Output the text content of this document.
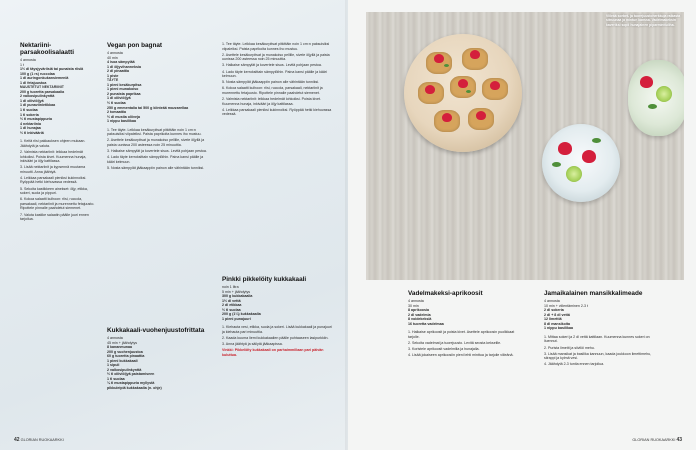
Nektariini-parsakoolisalaatti

4 annosta

1 t

1½ dl täysjyväriisiä tai punaista riisiä

100 g (1 rs) ruccolaa

1 dl auringonkukansiemeniä

1 dl fetajuustoa

MAUSTETUT NEKTARIINIT

200 g tuoretta parsakaalia

2 valkosipulinkynttä

1 dl oliiviöljyä

1 dl punaviinietikkaa

1 tl suolaa

1 tl sokeria

½ tl mustapippuria

4 nektariinia

1 dl hunajaa

½ tl inkivääriä

1. Keitä riisi pakkauksen ohjeen mukaan. Jäähdytä ja valuta.

2. Valmista nektariinit: leikkaa hedelmät lohkoiksi. Poista kivet. Kuumenna hunaja, inkivääri ja öljy kattilassa.

3. Lisää nektariinit ja kypsennä muutama minuutti. Anna jäähtyä.

4. Leikkaa parsakaali pieniksi kukinnoiksi. Ryöppää hetki kiehuvassa vedessä.

5. Sekoita kastikkeen ainekset: öljy, etikka, sokeri, suola ja pippuri.

6. Kokoa salaatti kulhoon: riisi, ruccola, parsakaali, nektariinit ja murennettu fetajuusto. Ripottele pinnalle paahdetut siemenet.

7. Valuta kastike salaatin päälle juuri ennen tarjoilua.

Vegan pon bagnat

4 annosta

40 min

4 isoa sämpylää

1 dl öljyvihanneksia

2 dl pinaattia

1 piste

TÄYTE

1 pieni kesäkurpitsa

1 pieni munakoiso

2 punaista paprikaa

1 dl oliiviöljyä

½ tl suolaa

250 g emmentalia tai 500 g kiinteää mozzarellaa

2 tomaattia

½ dl mustia oliiveja

1 nippu basilikaa

1. Tee täyte. Leikkaa kesäkurpitsat pitkittäin noin 1 cm:n paksuisiksi viipaleiksi. Paista paprikoita kunnes iho mustuu.

2. Asettele kesäkurpitsat ja munakoiso pellille, sivele öljyllä ja paista uunissa 200 asteessa noin 25 minuuttia.

3. Halkaise sämpylät ja kovertele sisus. Levitä pohjaan pestoa.

4. Lado täyte kerroksittain sämpylöihin. Paina kansi päälle ja kääri kelmuun.

5. Nosta sämpylät jääkaappiin painon alle vähintään tunniksi.

Kukkakaali-vuohenjuustofrittata

4 annosta

45 min + jäähdytys

8 kananmunaa

200 g vuohenjuustoa

60 g tuoretta pinaattia

1 pieni kukkakaali

1 sipuli

2 valkosipulinkynttä

½ tl oliiviöljyä paistamiseen

1 tl suolaa

¼ tl mustapippuria myllystä

pikkuleipiä kukkakaalia (n. ohje)

1. Tee täyte. Leikkaa kesäkurpitsat pitkittäin noin 1 cm:n paksuisiksi viipaleiksi. Paista paprikoita kunnes iho mustuu.

2. Asettele kesäkurpitsat ja munakoiso pellille, sivele öljyllä ja paista uunissa 200 asteessa noin 25 minuuttia.

3. Halkaise sämpylät ja kovertele sisus. Levitä pohjaan pestoa.

4. Lado täyte kerroksittain sämpylöihin. Paina kansi päälle ja kääri kelmuun.

5. Nosta sämpylät jääkaappiin painon alle vähintään tunniksi.

6. Kokoa salaatti kulhoon: riisi, ruccola, parsakaali, nektariinit ja murennettu fetajuusto. Ripottele pinnalle paahdetut siemenet.

2. Valmista nektariinit: leikkaa hedelmät lohkoiksi. Poista kivet. Kuumenna hunaja, inkivääri ja öljy kattilassa.

4. Leikkaa parsakaali pieniksi kukinnoiksi. Ryöppää hetki kiehuvassa vedessä.

Pinkki pikkelöity kukkakaali

noin 1 litra

5 min + jäähdytys

300 g kukkakaalia

1½ dl vettä

2 dl etikkaa

½ tl suolaa

200 g (1¼) kukkakaalia

1 pieni punajuuri

1. Kiehauta vesi, etikka, suola ja sokeri. Lisää kukkakaali ja punajuuri ja kiehauta pari minuuttia.

2. Kaada kuuma liemi kukkakaalien päälle puhtaaseen lasipurkkiin.

3. Anna jäähtyä ja säilytä jääkaapissa.

Vinkki: Pikkelöity kukkakaali on parhaimmillaan pari päivän kuluttua.

42 GLORIAN RUOKAARKKI
Viileää sorbet- ja tuorejuustoherkkuja raikasta sitruunaa ja mintun kanssa. Vadelmakeksin kaveriksi sopii hunajainen piparminttuliha.

Vadelmakeksi-aprikoosit

4 annosta

30 min

8 aprikoosia

2 dl vadelmia

8 voidekeksiä

16 tuoretta vadelmaa

1. Halkaise aprikoosit ja poista kivet. Asettele aprikoosin puolikkaat tarjolle.

2. Sekoita vadelmat ja tuorejuusto. Levitä seosta kekseille.

3. Koristele aprikoosit vadelmilla ja hunajalla.

4. Lisää jokaiseen aprikoosiin pieni lehti minttua ja tarjoile viileänä.

Jamaikalainen mansikkalimeade

4 annosta

10 min + viilentäminen 2-3 t

2 dl sokeria

2 dl + 8 dl vettä

12 limettiä

8 dl mansikoita

1 nippu basilikaa

1. Mittaa sokeri ja 2 dl vettä kattilaan. Kuumenna kunnes sokeri on liuennut.

2. Purista limetit ja siivilöi mehu.

3. Lisää mansikat ja basilika kannuun, kaada joukkoon limettimehu, siirappi ja kylmä vesi.

4. Jäähdytä 2-3 tuntia ennen tarjoilua.

GLORIAN RUOKAARKKI 43
